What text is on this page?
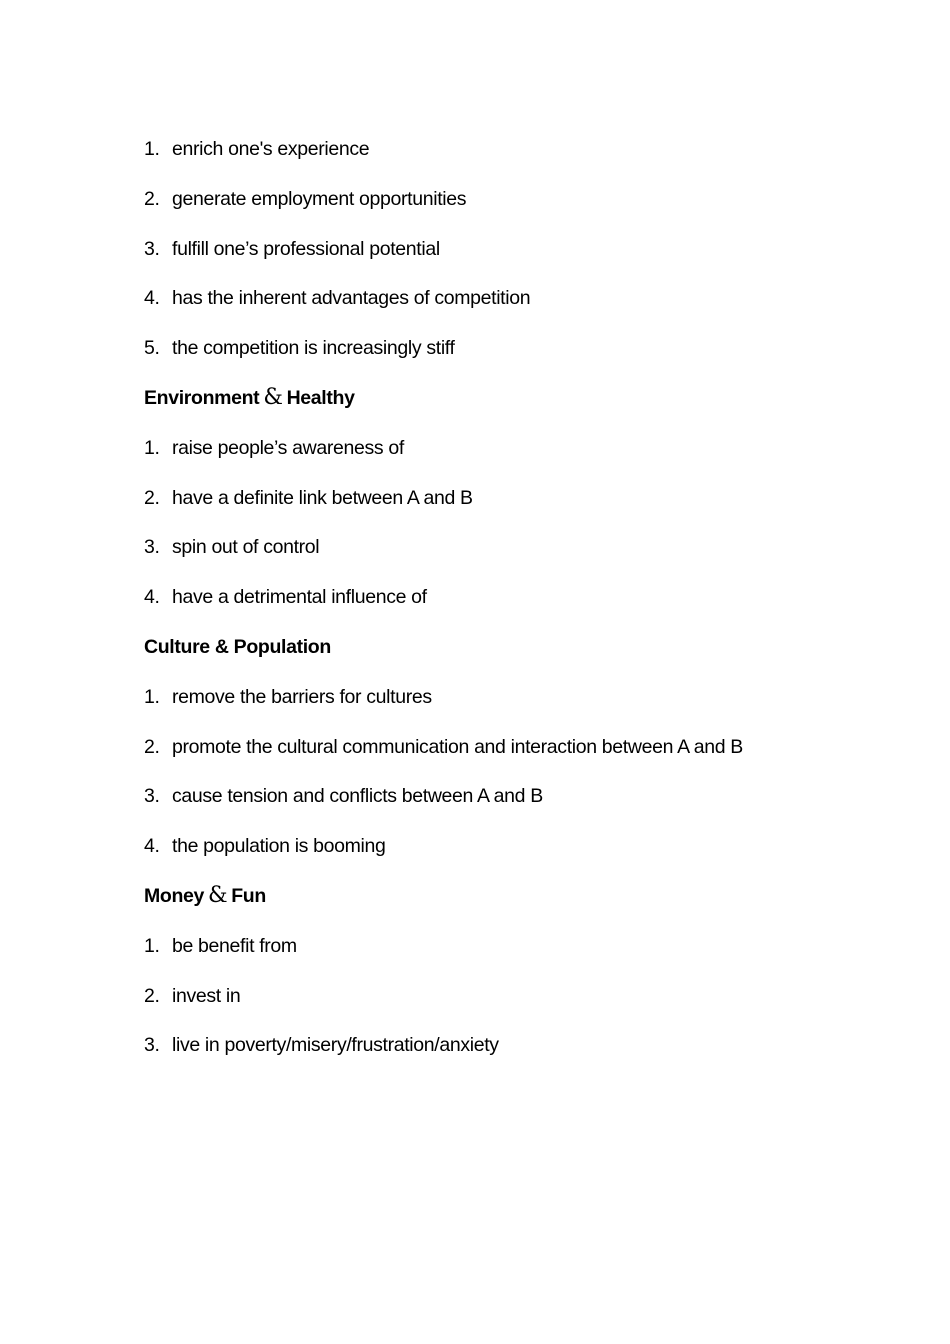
1. enrich one's experience
2. generate employment opportunities
3. fulfill one’s professional potential
4. has the inherent advantages of competition
5. the competition is increasingly stiff
Environment & Healthy
1. raise people’s awareness of
2. have a definite link between A and B
3. spin out of control
4. have a detrimental influence of
Culture & Population
1. remove the barriers for cultures
2. promote the cultural communication and interaction between A and B
3. cause tension and conflicts between A and B
4. the population is booming
Money & Fun
1. be benefit from
2. invest in
3. live in poverty/misery/frustration/anxiety
